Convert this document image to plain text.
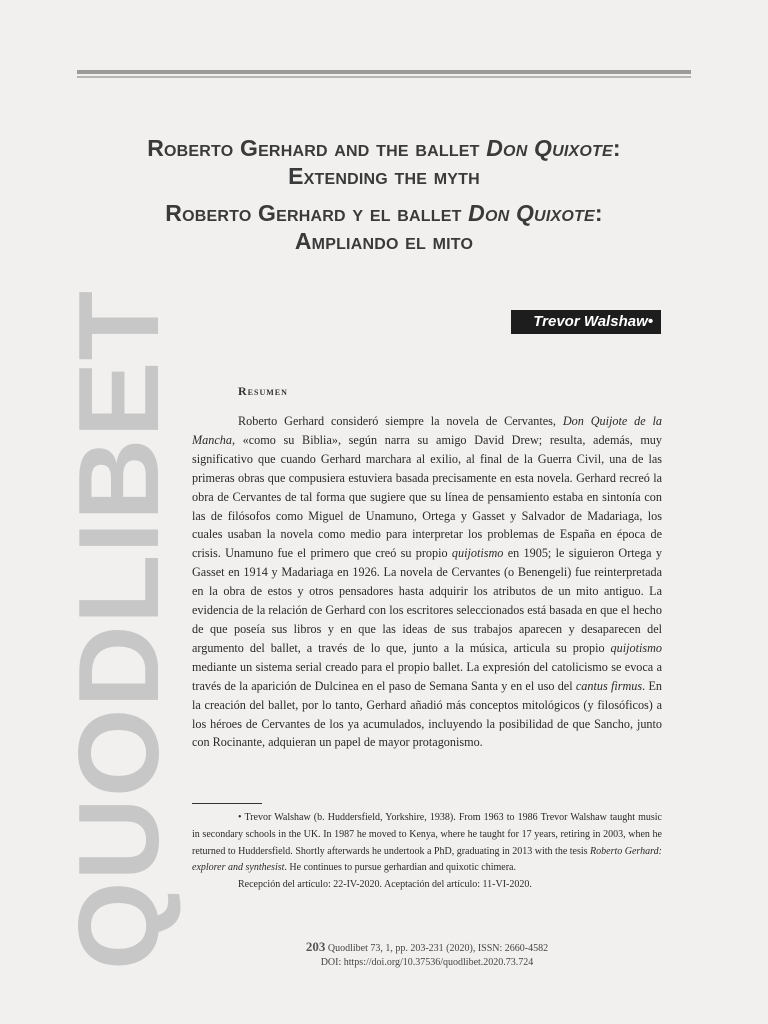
Roberto Gerhard and the ballet Don Quixote:
Extending the myth
Roberto Gerhard y el ballet Don Quixote:
Ampliando el mito
Trevor Walshaw•
QUODLIBET	Resumen

Roberto Gerhard consideró siempre la novela de Cervantes, Don Quijote de la Mancha, «como su Biblia», según narra su amigo David Drew; resulta, además, muy significativo que cuando Gerhard marchara al exilio, al final de la Guerra Civil, una de las primeras obras que compusiera estuviera basada precisamente en esta novela. Gerhard recreó la obra de Cervantes de tal forma que sugiere que su línea de pensamiento estaba en sintonía con las de filósofos como Miguel de Unamuno, Ortega y Gasset y Salvador de Madariaga, los cuales usaban la novela como medio para interpretar los problemas de España en época de crisis. Unamuno fue el primero que creó su propio quijotismo en 1905; le siguieron Ortega y Gasset en 1914 y Madariaga en 1926. La novela de Cervantes (o Benengeli) fue reinterpretada en la obra de estos y otros pensadores hasta adquirir los atributos de un mito antiguo. La evidencia de la relación de Gerhard con los escritores seleccionados está basada en que el hecho de que poseía sus libros y en que las ideas de sus trabajos aparecen y desaparecen del argumento del ballet, a través de lo que, junto a la música, articula su propio quijotismo mediante un sistema serial creado para el propio ballet. La expresión del catolicismo se evoca a través de la aparición de Dulcinea en el paso de Semana Santa y en el uso del cantus firmus. En la creación del ballet, por lo tanto, Gerhard añadió más conceptos mitológicos (y filosóficos) a los héroes de Cervantes de los ya acumulados, incluyendo la posibilidad de que Sancho, junto con Rocinante, adquieran un papel de mayor protagonismo.

• Trevor Walshaw (b. Huddersfield, Yorkshire, 1938). From 1963 to 1986 Trevor Walshaw taught music in secondary schools in the UK. In 1987 he moved to Kenya, where he taught for 17 years, retiring in 2003, when he returned to Huddersfield. Shortly afterwards he undertook a PhD, graduating in 2013 with the tesis Roberto Gerhard: explorer and synthesist. He continues to pursue gerhardian and quixotic chimera.

Recepción del artículo: 22-IV-2020. Aceptación del artículo: 11-VI-2020.

203 Quodlibet 73, 1, pp. 203-231 (2020), ISSN: 2660-4582
DOI: https://doi.org/10.37536/quodlibet.2020.73.724
